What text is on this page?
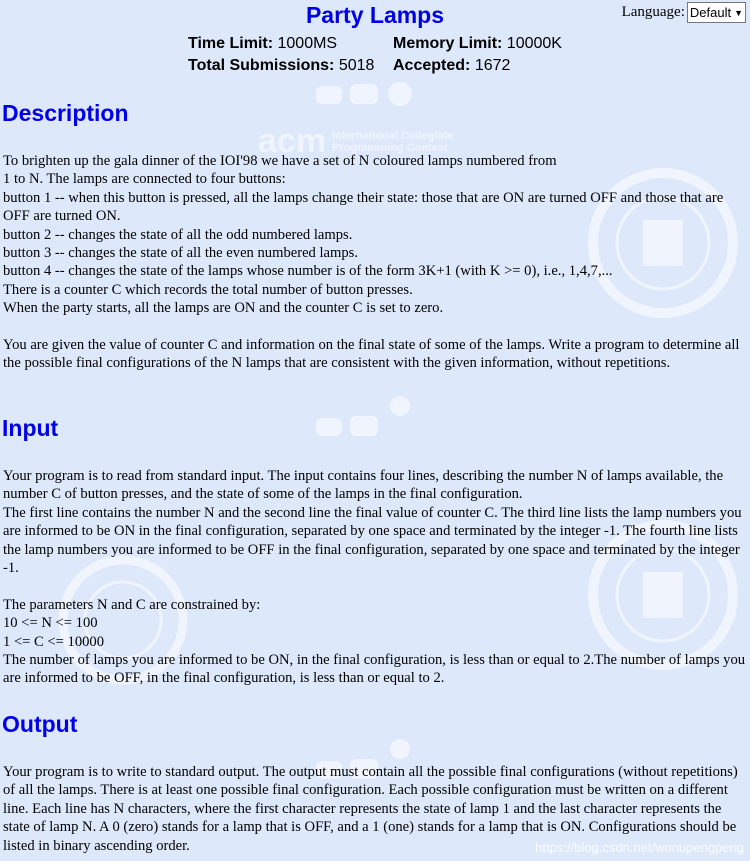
acm International Collegiate
Programming Contest
Party Lamps	Language: Default ▼
Time Limit: 1000MS	Memory Limit: 10000K
Total Submissions: 5018	Accepted: 1672
Description

To brighten up the gala dinner of the IOI'98 we have a set of N coloured lamps numbered from

1 to N. The lamps are connected to four buttons:

button 1 -- when this button is pressed, all the lamps change their state: those that are ON are turned OFF and those that are OFF are turned ON.

button 2 -- changes the state of all the odd numbered lamps.

button 3 -- changes the state of all the even numbered lamps.

button 4 -- changes the state of the lamps whose number is of the form 3K+1 (with K >= 0), i.e., 1,4,7,...

There is a counter C which records the total number of button presses.

When the party starts, all the lamps are ON and the counter C is set to zero.

You are given the value of counter C and information on the final state of some of the lamps. Write a program to determine all the possible final configurations of the N lamps that are consistent with the given information, without repetitions.

Input

Your program is to read from standard input. The input contains four lines, describing the number N of lamps available, the number C of button presses, and the state of some of the lamps in the final configuration.

The first line contains the number N and the second line the final value of counter C. The third line lists the lamp numbers you are informed to be ON in the final configuration, separated by one space and terminated by the integer -1. The fourth line lists the lamp numbers you are informed to be OFF in the final configuration, separated by one space and terminated by the integer -1.

The parameters N and C are constrained by:

10 <= N <= 100

1 <= C <= 10000

The number of lamps you are informed to be ON, in the final configuration, is less than or equal to 2.The number of lamps you are informed to be OFF, in the final configuration, is less than or equal to 2.

Output

Your program is to write to standard output. The output must contain all the possible final configurations (without repetitions) of all the lamps. There is at least one possible final configuration. Each possible configuration must be written on a different line. Each line has N characters, where the first character represents the state of lamp 1 and the last character represents the state of lamp N. A 0 (zero) stands for a lamp that is OFF, and a 1 (one) stands for a lamp that is ON. Configurations should be listed in binary ascending order.	https://blog.csdn.net/wonupengpeng
